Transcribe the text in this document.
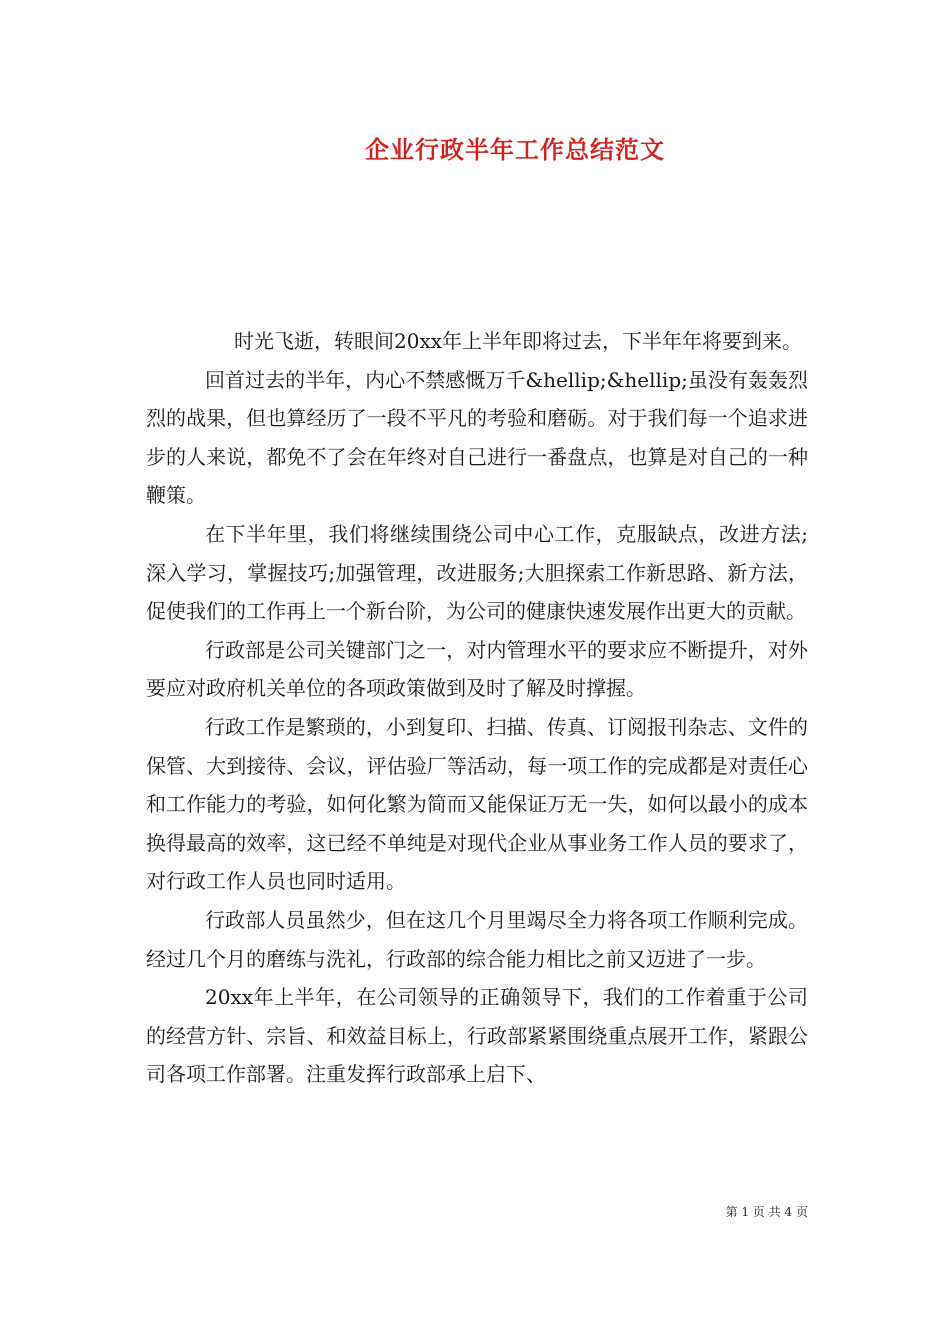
企业行政半年工作总结范文

时光飞逝，转眼间20xx年上半年即将过去，下半年年将要到来。

回首过去的半年，内心不禁感慨万千&hellip;&hellip;虽没有轰轰烈烈的战果，但也算经历了一段不平凡的考验和磨砺。对于我们每一个追求进步的人来说，都免不了会在年终对自己进行一番盘点，也算是对自己的一种鞭策。

在下半年里，我们将继续围绕公司中心工作，克服缺点，改进方法;深入学习，掌握技巧;加强管理，改进服务;大胆探索工作新思路、新方法，促使我们的工作再上一个新台阶，为公司的健康快速发展作出更大的贡献。

行政部是公司关键部门之一，对内管理水平的要求应不断提升，对外要应对政府机关单位的各项政策做到及时了解及时撑握。

行政工作是繁琐的，小到复印、扫描、传真、订阅报刊杂志、文件的保管、大到接待、会议，评估验厂等活动，每一项工作的完成都是对责任心和工作能力的考验，如何化繁为简而又能保证万无一失，如何以最小的成本换得最高的效率，这已经不单纯是对现代企业从事业务工作人员的要求了，对行政工作人员也同时适用。

行政部人员虽然少，但在这几个月里竭尽全力将各项工作顺利完成。经过几个月的磨练与洗礼，行政部的综合能力相比之前又迈进了一步。

20xx年上半年，在公司领导的正确领导下，我们的工作着重于公司的经营方针、宗旨、和效益目标上，行政部紧紧围绕重点展开工作，紧跟公司各项工作部署。注重发挥行政部承上启下、

第 1 页 共 4 页
